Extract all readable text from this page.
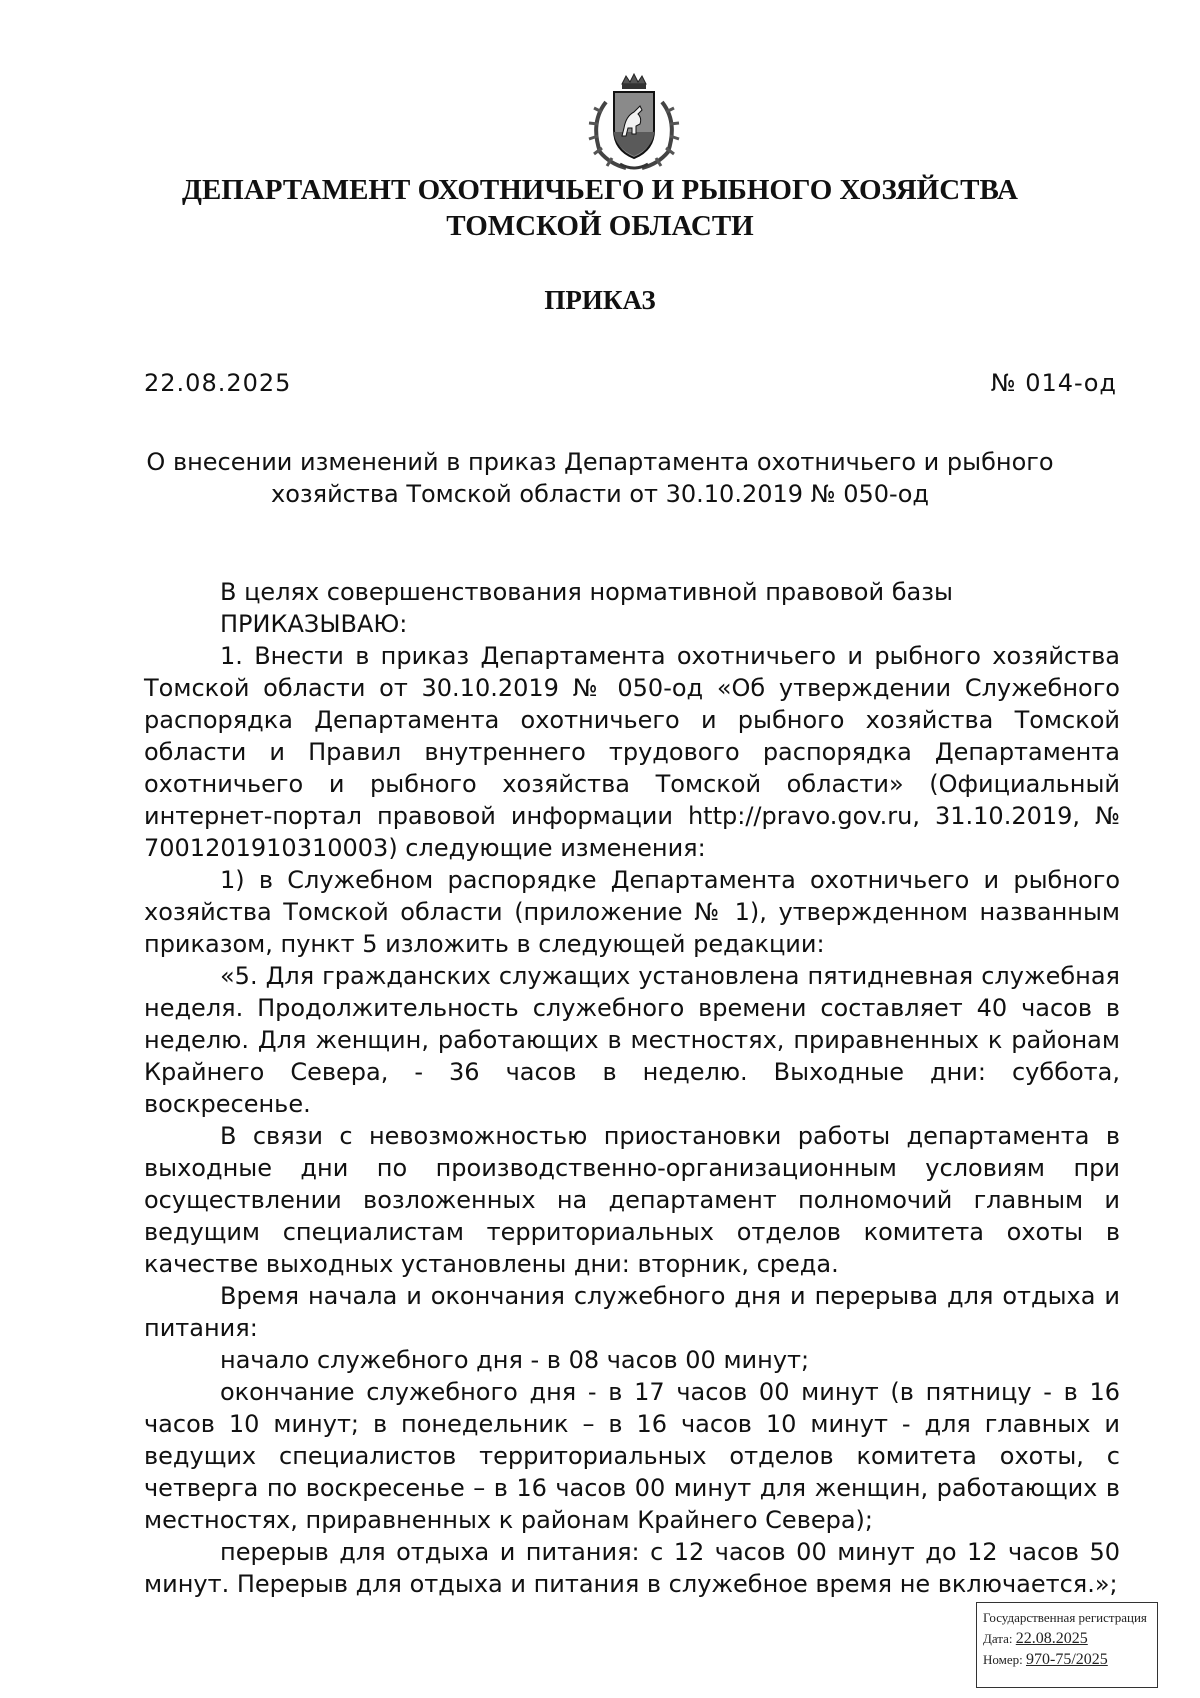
ДЕПАРТАМЕНТ ОХОТНИЧЬЕГО И РЫБНОГО ХОЗЯЙСТВА
ТОМСКОЙ ОБЛАСТИ
ПРИКАЗ
22.08.2025	№ 014-од
О внесении изменений в приказ Департамента охотничьего и рыбного
хозяйства Томской области от 30.10.2019 № 050-од

В целях совершенствования нормативной правовой базы

ПРИКАЗЫВАЮ:

1. Внести в приказ Департамента охотничьего и рыбного хозяйства Томской области от 30.10.2019 № 050-од «Об утверждении Служебного распорядка Департамента охотничьего и рыбного хозяйства Томской области и Правил внутреннего трудового распорядка Департамента охотничьего и рыбного хозяйства Томской области» (Официальный интернет-портал правовой информации http://pravo.gov.ru, 31.10.2019, № 7001201910310003) следующие изменения:

1) в Служебном распорядке Департамента охотничьего и рыбного хозяйства Томской области (приложение № 1), утвержденном названным приказом, пункт 5 изложить в следующей редакции:

«5. Для гражданских служащих установлена пятидневная служебная неделя. Продолжительность служебного времени составляет 40 часов в неделю. Для женщин, работающих в местностях, приравненных к районам Крайнего Севера, - 36 часов в неделю. Выходные дни: суббота, воскресенье.

В связи с невозможностью приостановки работы департамента в выходные дни по производственно-организационным условиям при осуществлении возложенных на департамент полномочий главным и ведущим специалистам территориальных отделов комитета охоты в качестве выходных установлены дни: вторник, среда.

Время начала и окончания служебного дня и перерыва для отдыха и питания:

начало служебного дня - в 08 часов 00 минут;

окончание служебного дня - в 17 часов 00 минут (в пятницу - в 16 часов 10 минут; в понедельник – в 16 часов 10 минут - для главных и ведущих специалистов территориальных отделов комитета охоты, с четверга по воскресенье – в 16 часов 00 минут для женщин, работающих в местностях, приравненных к районам Крайнего Севера);

перерыв для отдыха и питания: с 12 часов 00 минут до 12 часов 50 минут. Перерыв для отдыха и питания в служебное время не включается.»;

Государственная регистрация
Дата: 22.08.2025
Номер: 970-75/2025
